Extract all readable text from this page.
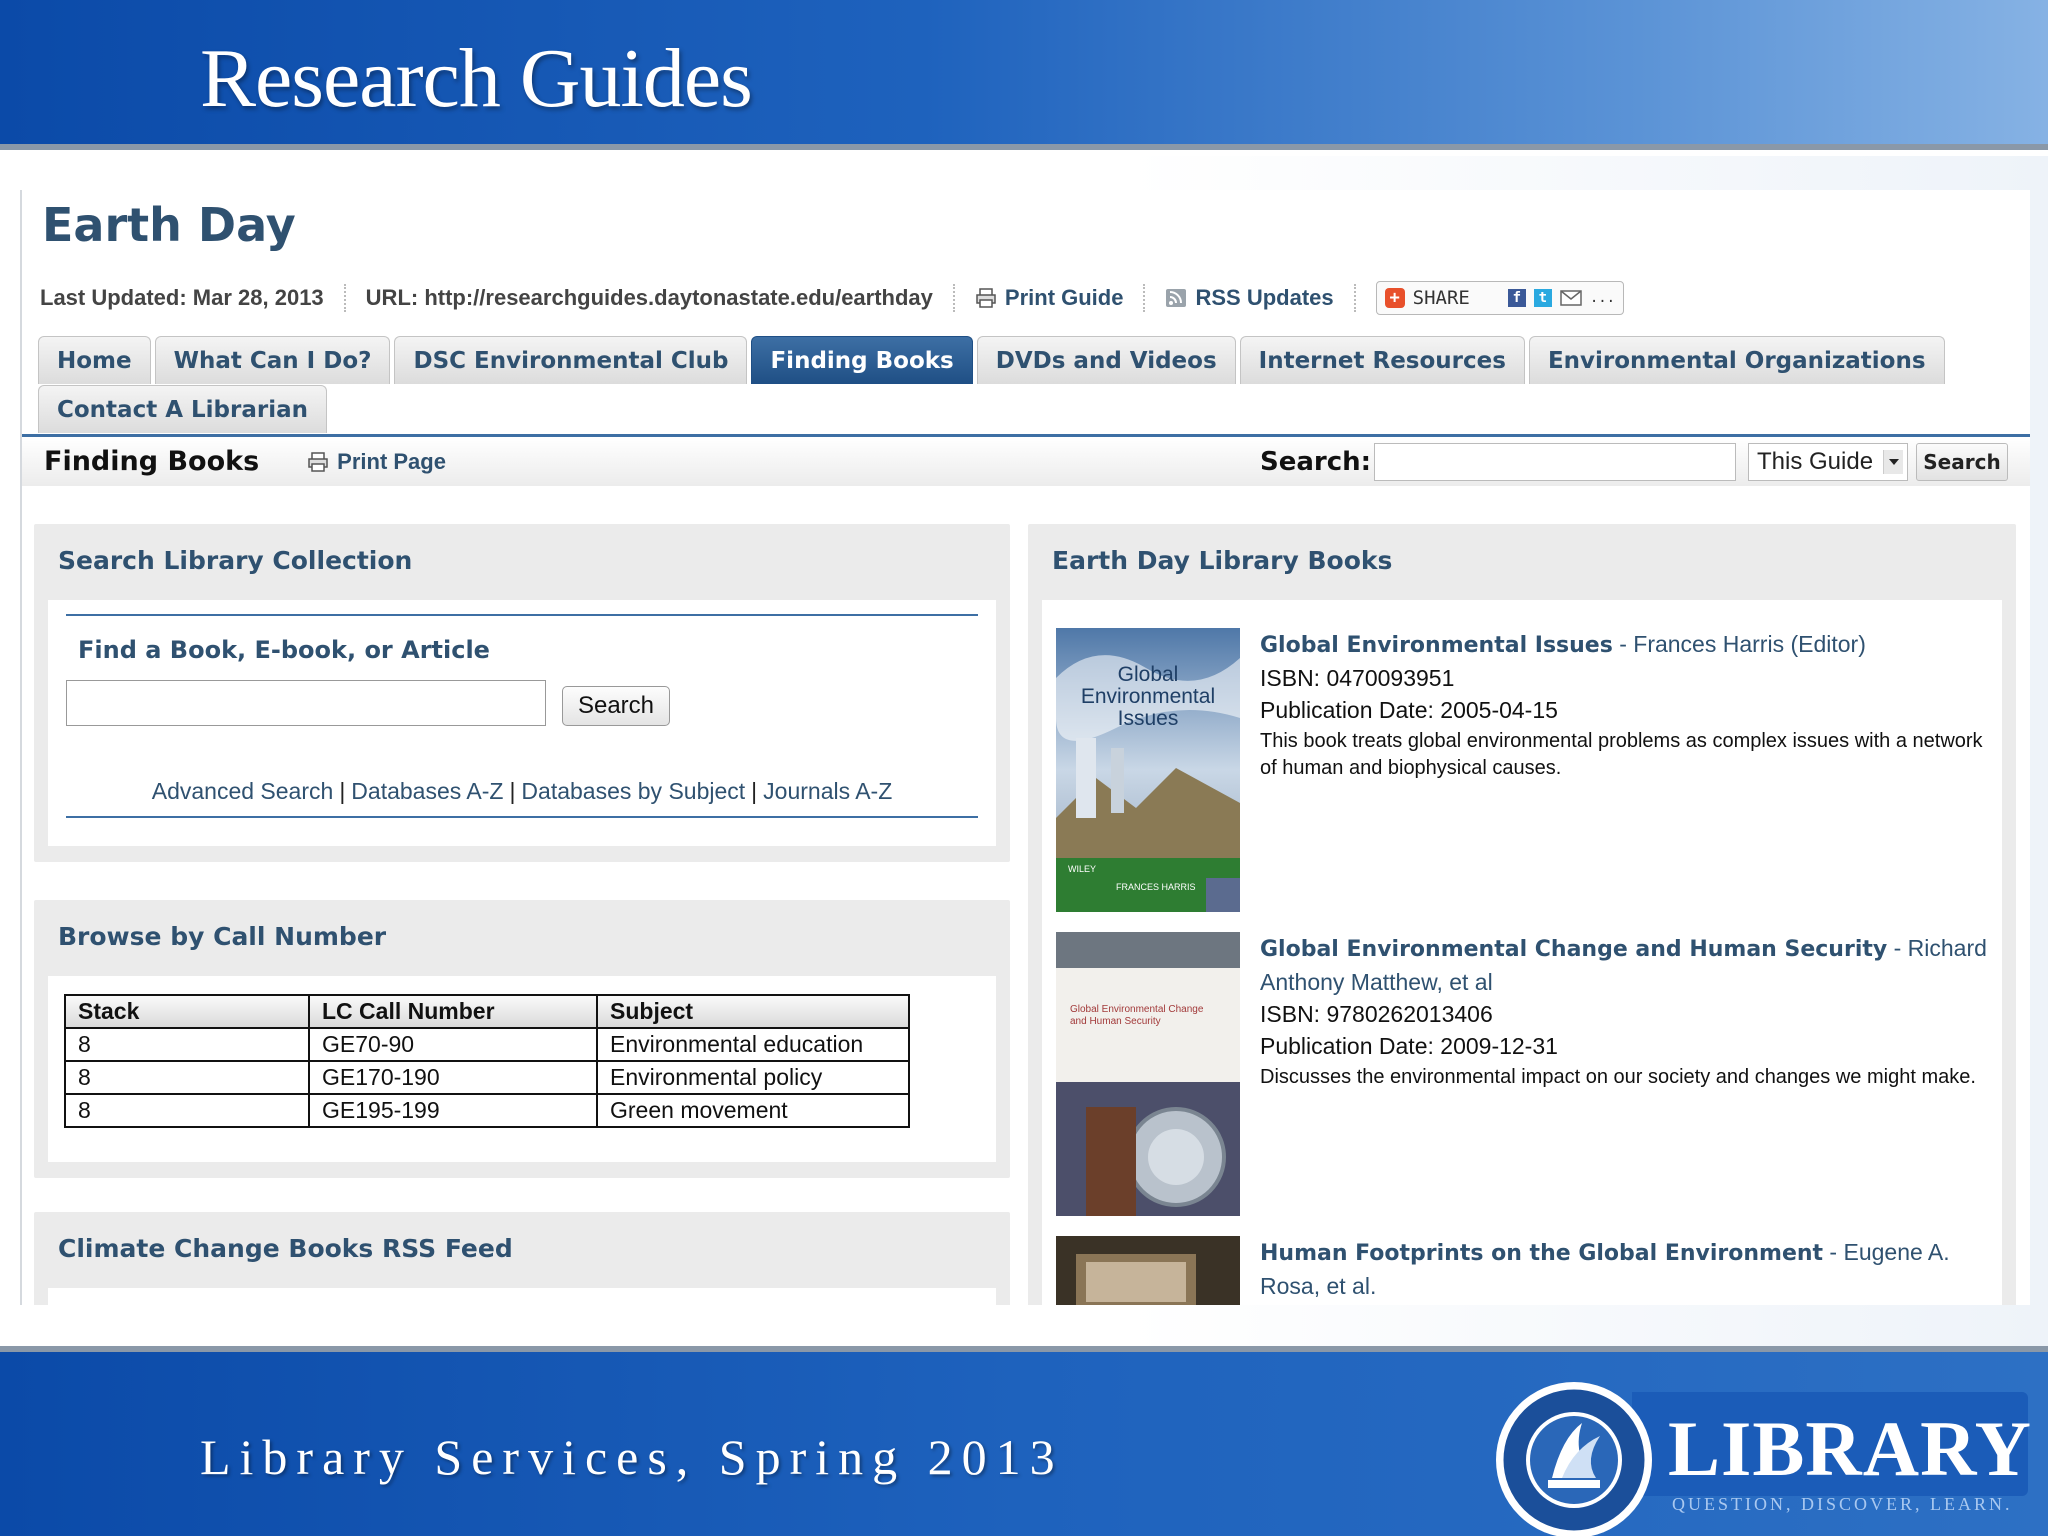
Research Guides
Earth Day
Last Updated: Mar 28, 2013 URL: http://researchguides.daytonastate.edu/earthday	Print Guide	RSS Updates	+ SHARE	f	t	...
Home	What Can I Do?	DSC Environmental Club	Finding Books	DVDs and Videos	Internet Resources	Environmental Organizations
Contact A Librarian
Finding Books	Print Page	Search:	This Guide	Search
Search Library Collection
Find a Book, E-book, or Article
Search
Advanced Search | Databases A-Z | Databases by Subject | Journals A-Z
Browse by Call Number
Stack	LC Call Number	Subject
8	GE70-90	Environmental education
8	GE170-190	Environmental policy
8	GE195-199	Green movement
Climate Change Books RSS Feed
Earth Day Library Books
Global Environmental Issues
WILEY
FRANCES HARRIS
Global Environmental Issues - Frances Harris (Editor)
ISBN: 0470093951
Publication Date: 2005-04-15
This book treats global environmental problems as complex issues with a network of human and biophysical causes.
Global Environmental Change and Human Security
Global Environmental Change and Human Security - Richard Anthony Matthew, et al
ISBN: 9780262013406
Publication Date: 2009-12-31
Discusses the environmental impact on our society and changes we might make.
Human Footprints on the Global Environment - Eugene A. Rosa, et al.
Library Services, Spring 2013	LIBRARY
QUESTION, DISCOVER, LEARN.
